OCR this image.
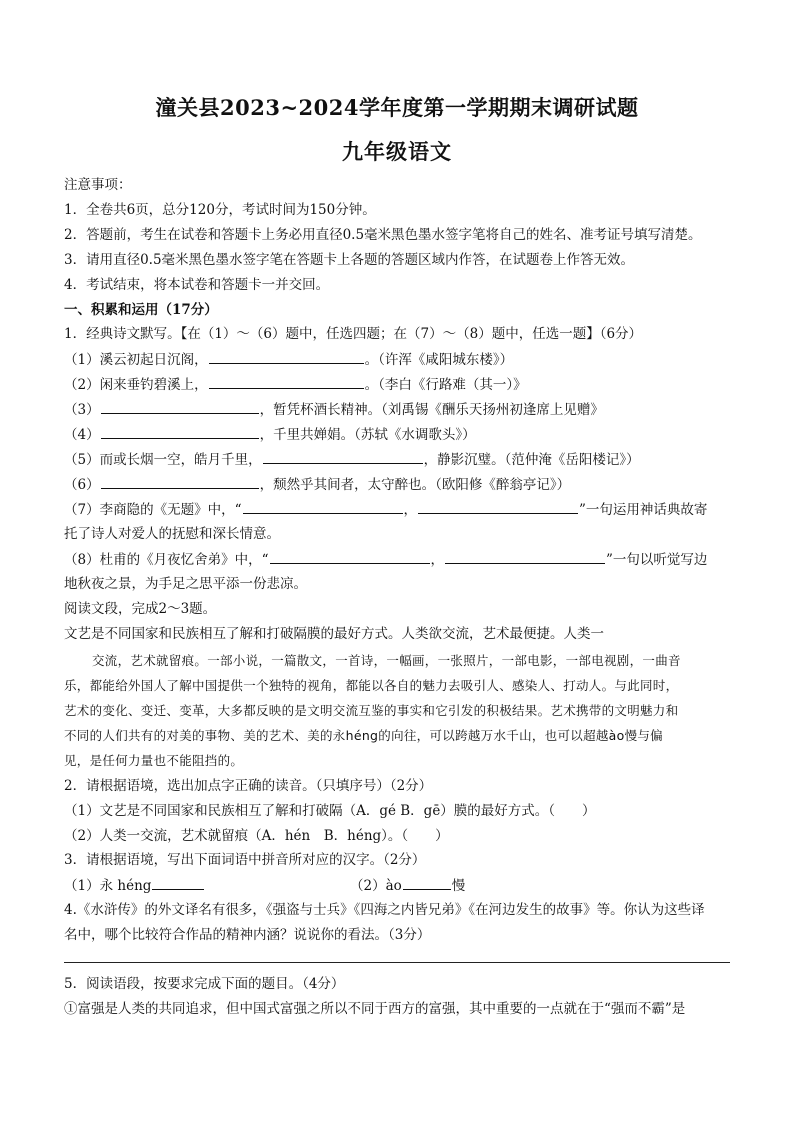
潼关县2023~2024学年度第一学期期末调研试题
九年级语文
注意事项：
1．全卷共6页，总分120分，考试时间为150分钟。
2．答题前，考生在试卷和答题卡上务必用直径0.5毫米黑色墨水签字笔将自己的姓名、准考证号填写清楚。
3．请用直径0.5毫米黑色墨水签字笔在答题卡上各题的答题区域内作答，在试题卷上作答无效。
4．考试结束，将本试卷和答题卡一并交回。
一、积累和运用（17分）
1．经典诗文默写。【在（1）～（6）题中，任选四题；在（7）～（8）题中，任选一题】（6分）
（1）溪云初起日沉阁，	。（许浑《咸阳城东楼》）
（2）闲来垂钓碧溪上，	。（李白《行路难（其一）》
（3）	，暂凭杯酒长精神。（刘禹锡《酬乐天扬州初逢席上见赠》
（4）	，千里共婵娟。（苏轼《水调歌头》）
（5）而或长烟一空，皓月千里，	，静影沉璧。（范仲淹《岳阳楼记》）
（6）	，颓然乎其间者，太守醉也。（欧阳修《醉翁亭记》）
（7）李商隐的《无题》中，“	，	”一句运用神话典故寄
托了诗人对爱人的抚慰和深长情意。
（8）杜甫的《月夜忆舍弟》中，“	，	”一句以听觉写边
地秋夜之景，为手足之思平添一份悲凉。
阅读文段，完成2～3题。
文艺是不同国家和民族相互了解和打破隔膜的最好方式。人类欲交流，艺术最便捷。人类一
交流，艺术就留痕。一部小说，一篇散文，一首诗，一幅画，一张照片，一部电影，一部电视剧，一曲音
乐，都能给外国人了解中国提供一个独特的视角，都能以各自的魅力去吸引人、感染人、打动人。与此同时，
艺术的变化、变迁、变革，大多都反映的是文明交流互鉴的事实和它引发的积极结果。艺术携带的文明魅力和
不同的人们共有的对美的事物、美的艺术、美的永héng的向往，可以跨越万水千山，也可以超越ào慢与偏
见，是任何力量也不能阻挡的。
2．请根据语境，选出加点字正确的读音。（只填序号）（2分）
（1）文艺是不同国家和民族相互了解和打破隔（A．gé B．gē）膜的最好方式。（　　）
（2）人类一交流，艺术就留痕（A．hén　B．héng）。（　　）
3．请根据语境，写出下面词语中拼音所对应的汉字。（2分）
（1）永 héng	（2）ào	慢
4.《水浒传》的外文译名有很多，《强盗与士兵》《四海之内皆兄弟》《在河边发生的故事》等。你认为这些译
名中，哪个比较符合作品的精神内涵？说说你的看法。（3分）
5．阅读语段，按要求完成下面的题目。（4分）
①富强是人类的共同追求，但中国式富强之所以不同于西方的富强，其中重要的一点就在于“强而不霸”是
